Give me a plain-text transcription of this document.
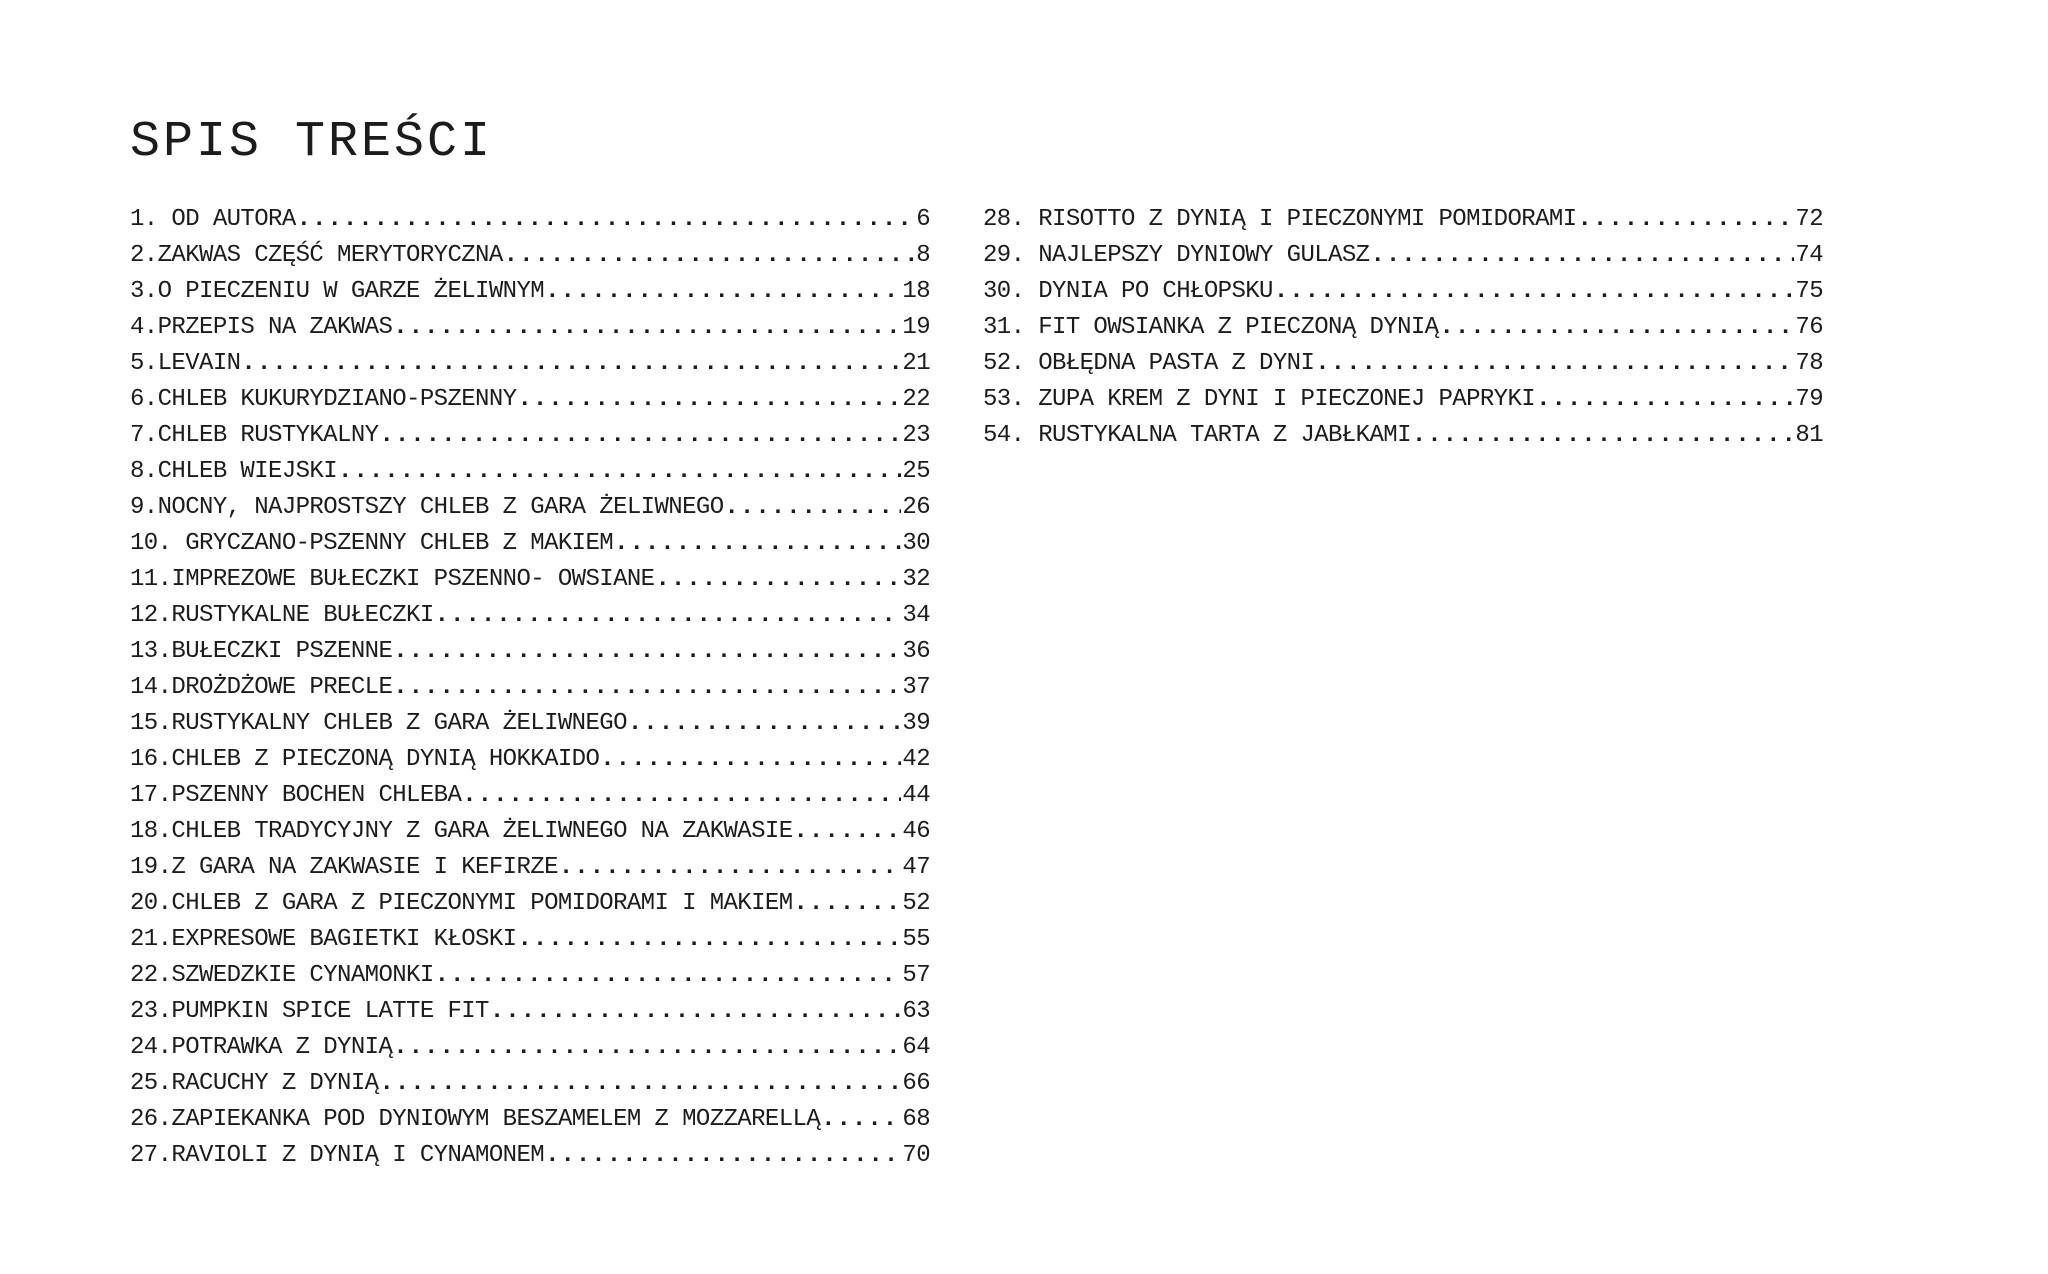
SPIS TREŚCI
1. OD AUTORA .....	6
2.ZAKWAS CZĘŚĆ MERYTORYCZNA .....	8
3.O PIECZENIU W GARZE ŻELIWNYM .....	18
4.PRZEPIS NA ZAKWAS .....	19
5.LEVAIN .....	21
6.CHLEB KUKURYDZIANO-PSZENNY .....	22
7.CHLEB RUSTYKALNY .....	23
8.CHLEB WIEJSKI .....	25
9.NOCNY, NAJPROSTSZY CHLEB Z GARA ŻELIWNEGO .....	26
10. GRYCZANO-PSZENNY CHLEB Z MAKIEM .....	30
11.IMPREZOWE BUŁECZKI PSZENNO- OWSIANE .....	32
12.RUSTYKALNE BUŁECZKI .....	34
13.BUŁECZKI PSZENNE .....	36
14.DROŻDŻOWE PRECLE .....	37
15.RUSTYKALNY CHLEB Z GARA ŻELIWNEGO .....	39
16.CHLEB Z PIECZONĄ DYNIĄ HOKKAIDO .....	42
17.PSZENNY BOCHEN CHLEBA .....	44
18.CHLEB TRADYCYJNY Z GARA ŻELIWNEGO NA ZAKWASIE .....	46
19.Z GARA NA ZAKWASIE I KEFIRZE .....	47
20.CHLEB Z GARA Z PIECZONYMI POMIDORAMI I MAKIEM .....	52
21.EXPRESOWE BAGIETKI KŁOSKI .....	55
22.SZWEDZKIE CYNAMONKI .....	57
23.PUMPKIN SPICE LATTE FIT .....	63
24.POTRAWKA Z DYNIĄ .....	64
25.RACUCHY Z DYNIĄ .....	66
26.ZAPIEKANKA POD DYNIOWYM BESZAMELEM Z MOZZARELLĄ .....	68
27.RAVIOLI Z DYNIĄ I CYNAMONEM .....	70
28. RISOTTO Z DYNIĄ I PIECZONYMI POMIDORAMI .....	72
29. NAJLEPSZY DYNIOWY GULASZ .....	74
30. DYNIA PO CHŁOPSKU .....	75
31. FIT OWSIANKA Z PIECZONĄ DYNIĄ .....	76
52. OBŁĘDNA PASTA Z DYNI .....	78
53. ZUPA KREM Z DYNI I PIECZONEJ PAPRYKI .....	79
54. RUSTYKALNA TARTA Z JABŁKAMI .....	81
